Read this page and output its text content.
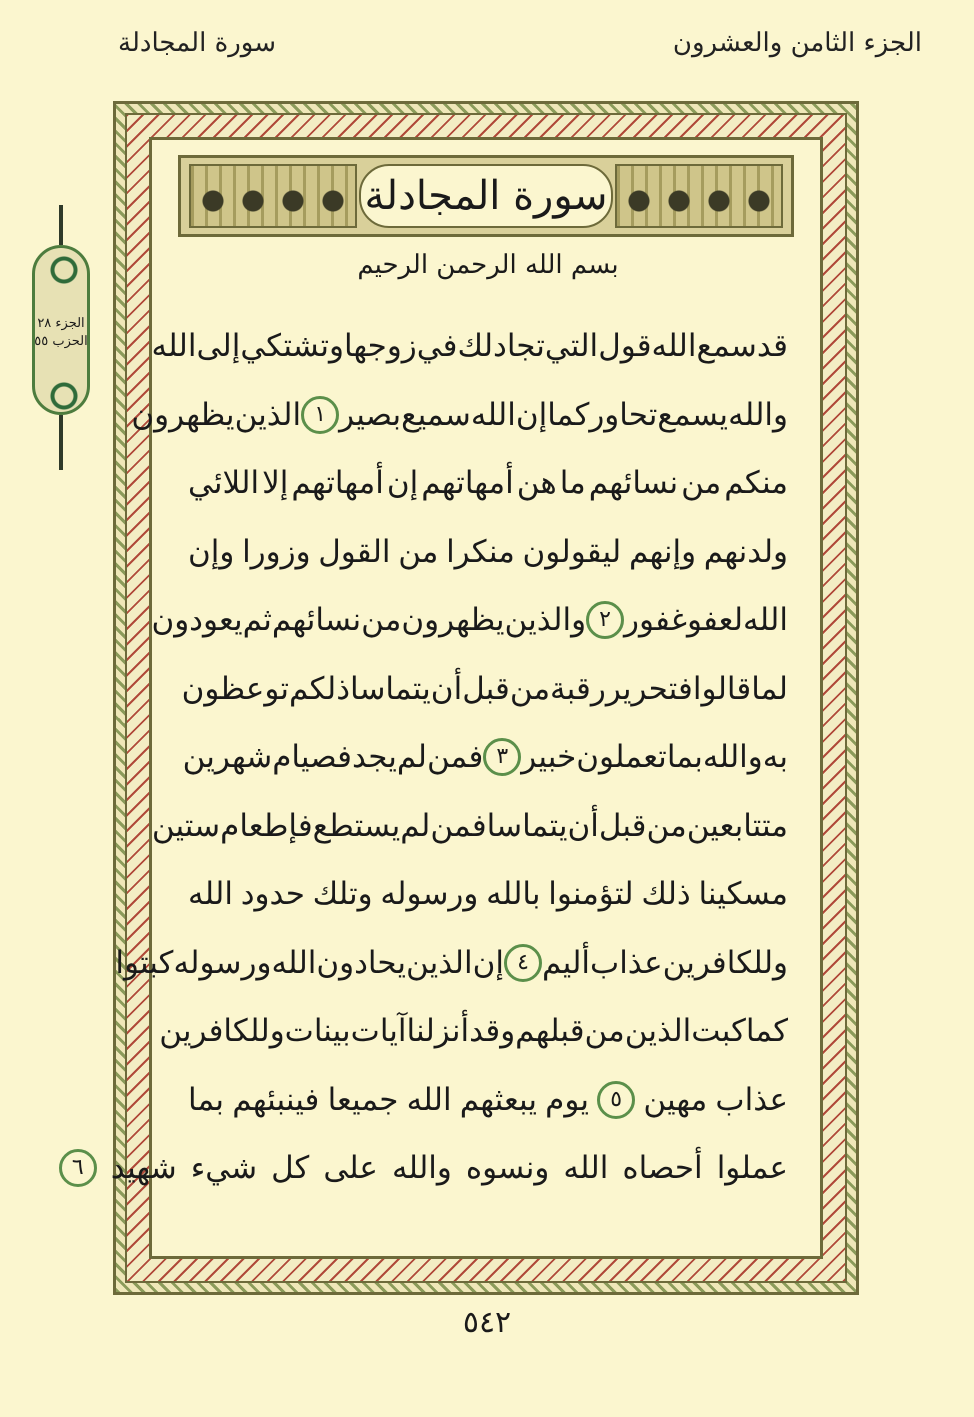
الجزء الثامن والعشرون
سورة المجادلة
الجزء ٢٨
الحزب ٥٥
سورة المجادلة
بسم الله الرحمن الرحيم
قد
سمع
الله
قول
التي
تجادلك
في
زوجها
وتشتكي
إلى
الله
والله
يسمع
تحاوركما
إن
الله
سميع
بصير
١
الذين
يظهرون
منكم
من
نسائهم
ما
هن
أمهاتهم
إن
أمهاتهم
إلا
اللائي
ولدنهم
وإنهم
ليقولون
منكرا
من
القول
وزورا
وإن
الله
لعفو
غفور
٢
والذين
يظهرون
من
نسائهم
ثم
يعودون
لما
قالوا
فتحرير
رقبة
من
قبل
أن
يتماسا
ذلكم
توعظون
به
والله
بما
تعملون
خبير
٣
فمن
لم
يجد
فصيام
شهرين
متتابعين
من
قبل
أن
يتماسا
فمن
لم
يستطع
فإطعام
ستين
مسكينا
ذلك
لتؤمنوا
بالله
ورسوله
وتلك
حدود
الله
وللكافرين
عذاب
أليم
٤
إن
الذين
يحادون
الله
ورسوله
كبتوا
كما
كبت
الذين
من
قبلهم
وقد
أنزلنا
آيات
بينات
وللكافرين
عذاب
مهين
٥
يوم
يبعثهم
الله
جميعا
فينبئهم
بما
عملوا
أحصاه
الله
ونسوه
والله
على
كل
شيء
شهيد
٦
٥٤٢
